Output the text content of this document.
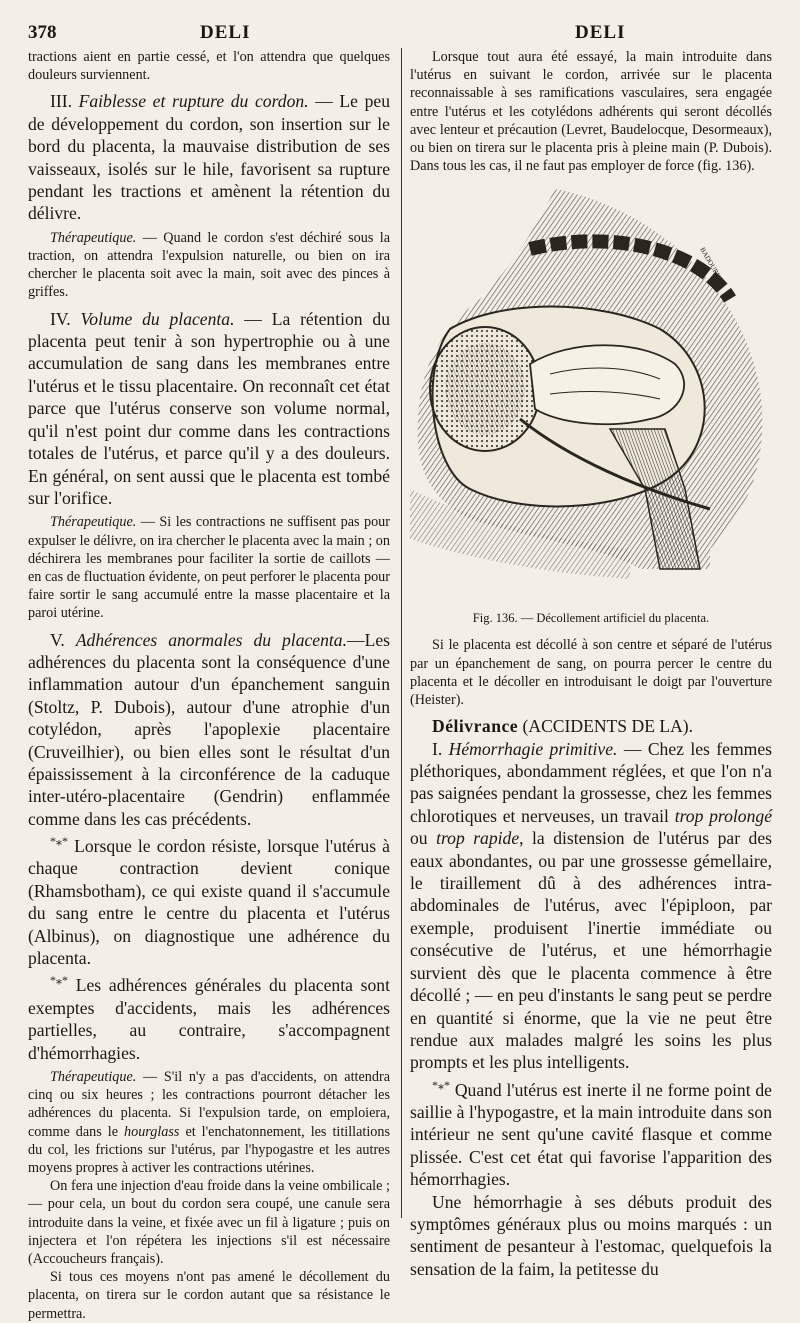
378	DELI	DELI

tractions aient en partie cessé, et l'on attendra que quelques douleurs surviennent.

III. Faiblesse et rupture du cordon. — Le peu de développement du cordon, son insertion sur le bord du placenta, la mauvaise distribution de ses vaisseaux, isolés sur le hile, favorisent sa rupture pendant les tractions et amènent la rétention du délivre.

Thérapeutique. — Quand le cordon s'est déchiré sous la traction, on attendra l'expulsion naturelle, ou bien on ira chercher le placenta soit avec la main, soit avec des pinces à griffes.

IV. Volume du placenta. — La rétention du placenta peut tenir à son hypertrophie ou à une accumulation de sang dans les membranes entre l'utérus et le tissu placentaire. On reconnaît cet état parce que l'utérus conserve son volume normal, qu'il n'est point dur comme dans les contractions totales de l'utérus, et parce qu'il y a des douleurs. En général, on sent aussi que le placenta est tombé sur l'orifice.

Thérapeutique. — Si les contractions ne suffisent pas pour expulser le délivre, on ira chercher le placenta avec la main ; on déchirera les membranes pour faciliter la sortie de caillots — en cas de fluctuation évidente, on peut perforer le placenta pour faire sortir le sang accumulé entre la masse placentaire et la paroi utérine.

V. Adhérences anormales du placenta.—Les adhérences du placenta sont la conséquence d'une inflammation autour d'un épanchement sanguin (Stoltz, P. Dubois), autour d'une atrophie d'un cotylédon, après l'apoplexie placentaire (Cruveilhier), ou bien elles sont le résultat d'un épaississement à la circonférence de la caduque inter-utéro-placentaire (Gendrin) enflammée comme dans les cas précédents.

*⁎* Lorsque le cordon résiste, lorsque l'utérus à chaque contraction devient conique (Rhamsbotham), ce qui existe quand il s'accumule du sang entre le centre du placenta et l'utérus (Albinus), on diagnostique une adhérence du placenta.

*⁎* Les adhérences générales du placenta sont exemptes d'accidents, mais les adhérences partielles, au contraire, s'accompagnent d'hémorrhagies.

Thérapeutique. — S'il n'y a pas d'accidents, on attendra cinq ou six heures ; les contractions pourront détacher les adhérences du placenta. Si l'expulsion tarde, on emploiera, comme dans le hourglass et l'enchatonnement, les titillations du col, les frictions sur l'utérus, par l'hypogastre et les autres moyens propres à activer les contractions utérines.

On fera une injection d'eau froide dans la veine ombilicale ; — pour cela, un bout du cordon sera coupé, une canule sera introduite dans la veine, et fixée avec un fil à ligature ; puis on injectera et l'on répétera les injections s'il est nécessaire (Accoucheurs français).

Si tous ces moyens n'ont pas amené le décollement du placenta, on tirera sur le cordon autant que sa résistance le permettra.

Lorsque tout aura été essayé, la main introduite dans l'utérus en suivant le cordon, arrivée sur le placenta reconnaissable à ses ramifications vasculaires, sera engagée entre l'utérus et les cotylédons adhérents qui seront décollés avec lenteur et précaution (Levret, Baudelocque, Desormeaux), ou bien on tirera sur le placenta pris à pleine main (P. Dubois). Dans tous les cas, il ne faut pas employer de force (fig. 136).

BADOUREAU

Fig. 136. — Décollement artificiel du placenta.

Si le placenta est décollé à son centre et séparé de l'utérus par un épanchement de sang, on pourra percer le centre du placenta et le décoller en introduisant le doigt par l'ouverture (Heister).

Délivrance (ACCIDENTS DE LA).

I. Hémorrhagie primitive. — Chez les femmes pléthoriques, abondamment réglées, et que l'on n'a pas saignées pendant la grossesse, chez les femmes chlorotiques et nerveuses, un travail trop prolongé ou trop rapide, la distension de l'utérus par des eaux abondantes, ou par une grossesse gémellaire, le tiraillement dû à des adhérences intra-abdominales de l'utérus, avec l'épiploon, par exemple, produisent l'inertie immédiate ou consécutive de l'utérus, et une hémorrhagie survient dès que le placenta commence à être décollé ; — en peu d'instants le sang peut se perdre en quantité si énorme, que la vie ne peut être rendue aux malades malgré les soins les plus prompts et les plus intelligents.

*⁎* Quand l'utérus est inerte il ne forme point de saillie à l'hypogastre, et la main introduite dans son intérieur ne sent qu'une cavité flasque et comme plissée. C'est cet état qui favorise l'apparition des hémorrhagies.

Une hémorrhagie à ses débuts produit des symptômes généraux plus ou moins marqués : un sentiment de pesanteur à l'estomac, quelquefois la sensation de la faim, la petitesse du
